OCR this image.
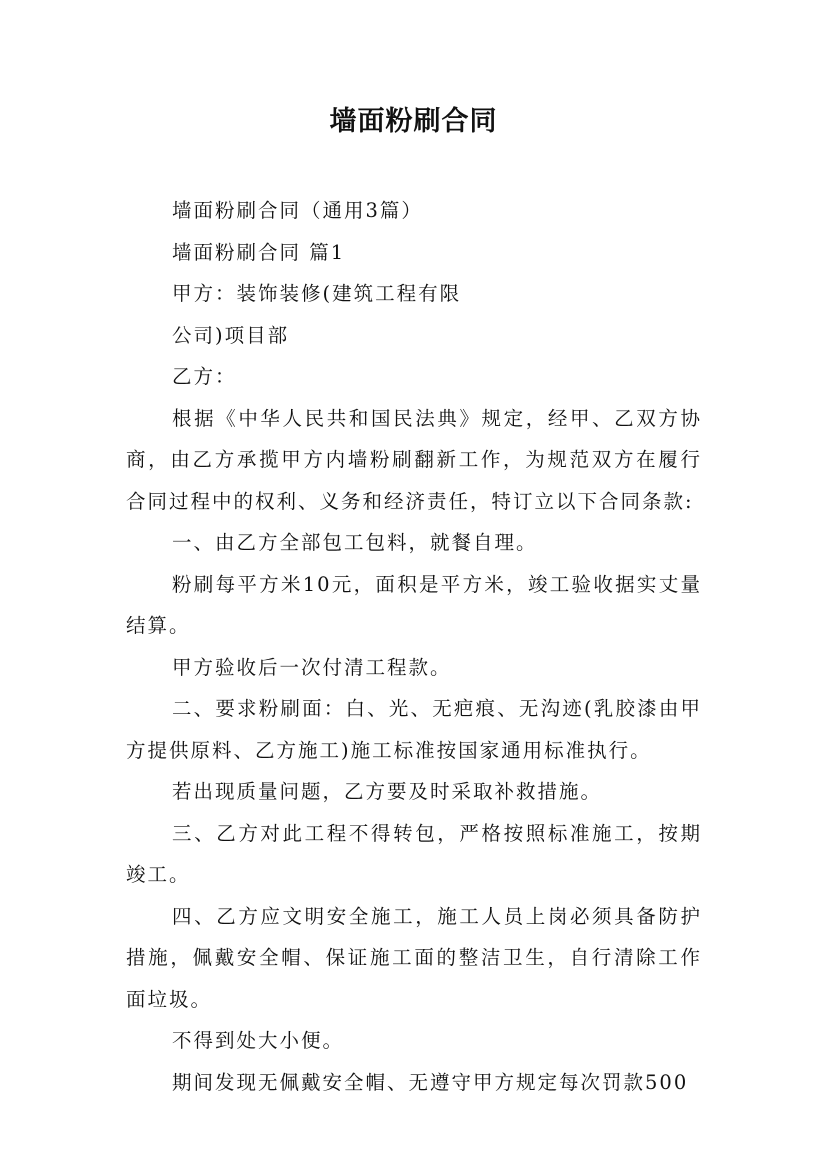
墙面粉刷合同

墙面粉刷合同（通用3篇）

墙面粉刷合同 篇1

甲方：装饰装修(建筑工程有限

公司)项目部

乙方：

根据《中华人民共和国民法典》规定，经甲、乙双方协商，由乙方承揽甲方内墙粉刷翻新工作，为规范双方在履行合同过程中的权利、义务和经济责任，特订立以下合同条款:

一、由乙方全部包工包料，就餐自理。

粉刷每平方米10元，面积是平方米，竣工验收据实丈量结算。

甲方验收后一次付清工程款。

二、要求粉刷面：白、光、无疤痕、无沟迹(乳胶漆由甲方提供原料、乙方施工)施工标准按国家通用标准执行。

若出现质量问题，乙方要及时采取补救措施。

三、乙方对此工程不得转包，严格按照标准施工，按期竣工。

四、乙方应文明安全施工，施工人员上岗必须具备防护措施，佩戴安全帽、保证施工面的整洁卫生，自行清除工作面垃圾。

不得到处大小便。

期间发现无佩戴安全帽、无遵守甲方规定每次罚款500
